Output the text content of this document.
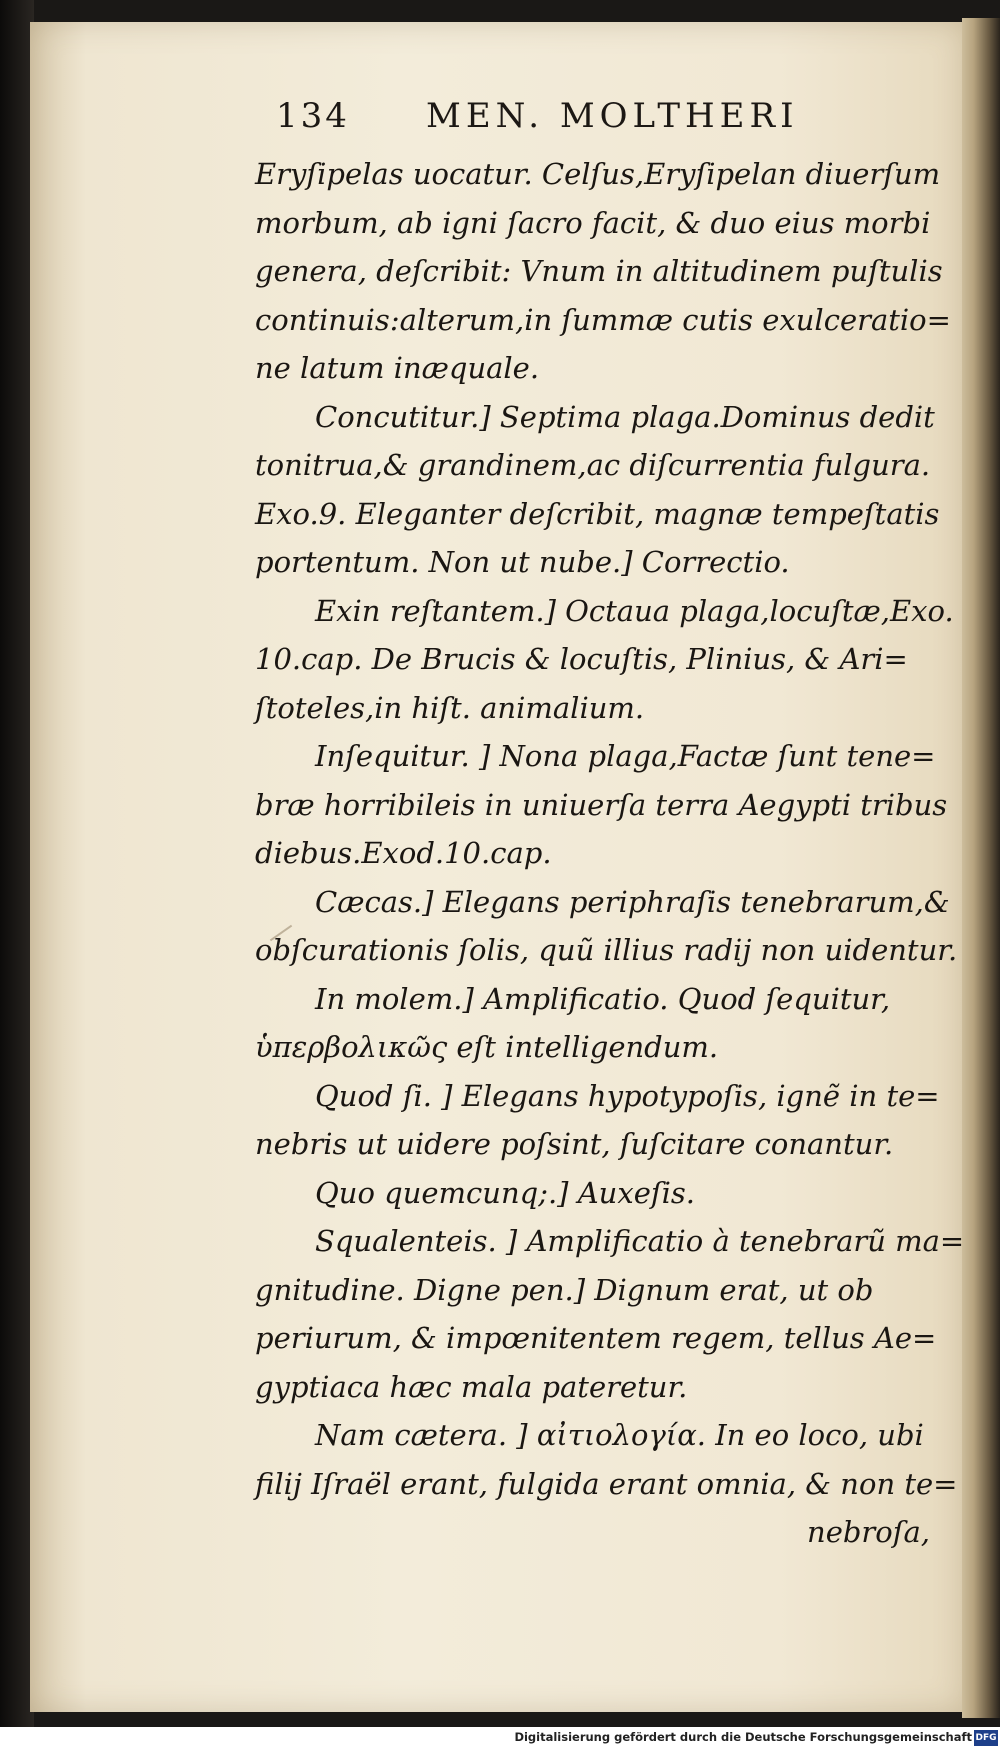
134 MEN. MOLTHERI
Eryſipelas uocatur. Celſus,Eryſipelan diuerſum
morbum, ab igni ſacro facit, & duo eius morbi
genera, deſcribit: Vnum in altitudinem puſtulis
continuis:alterum,in ſummæ cutis exulceratio=
ne latum inæquale.
Concutitur.] Septima plaga.Dominus dedit
tonitrua,& grandinem,ac diſcurrentia fulgura.
Exo.9. Eleganter deſcribit, magnæ tempeſtatis
portentum. Non ut nube.] Correctio.
Exin reſtantem.] Octaua plaga,locuſtæ,Exo.
10.cap. De Brucis & locuſtis, Plinius, & Ari=
ſtoteles,in hiſt. animalium.
Inſequitur. ] Nona plaga,Factæ ſunt tene=
bræ horribileis in uniuerſa terra Aegypti tribus
diebus.Exod.10.cap.
Cæcas.] Elegans periphraſis tenebrarum,&
obſcurationis ſolis, quũ illius radij non uidentur.
In molem.] Amplificatio. Quod ſequitur,
ὑπερβολικῶς eſt intelligendum.
Quod ſi. ] Elegans hypotypoſis, ignẽ in te=
nebris ut uidere poſsint, ſuſcitare conantur.
Quo quemcunq;.] Auxeſis.
Squalenteis. ] Amplificatio à tenebrarũ ma=
gnitudine. Digne pen.] Dignum erat, ut ob
periurum, & impœnitentem regem, tellus Ae=
gyptiaca hæc mala pateretur.
Nam cætera. ] αἰτιολογία. In eo loco, ubi
filij Iſraël erant, fulgida erant omnia, & non te=
nebroſa,
Digitalisierung gefördert durch die Deutsche Forschungsgemeinschaft DFG
